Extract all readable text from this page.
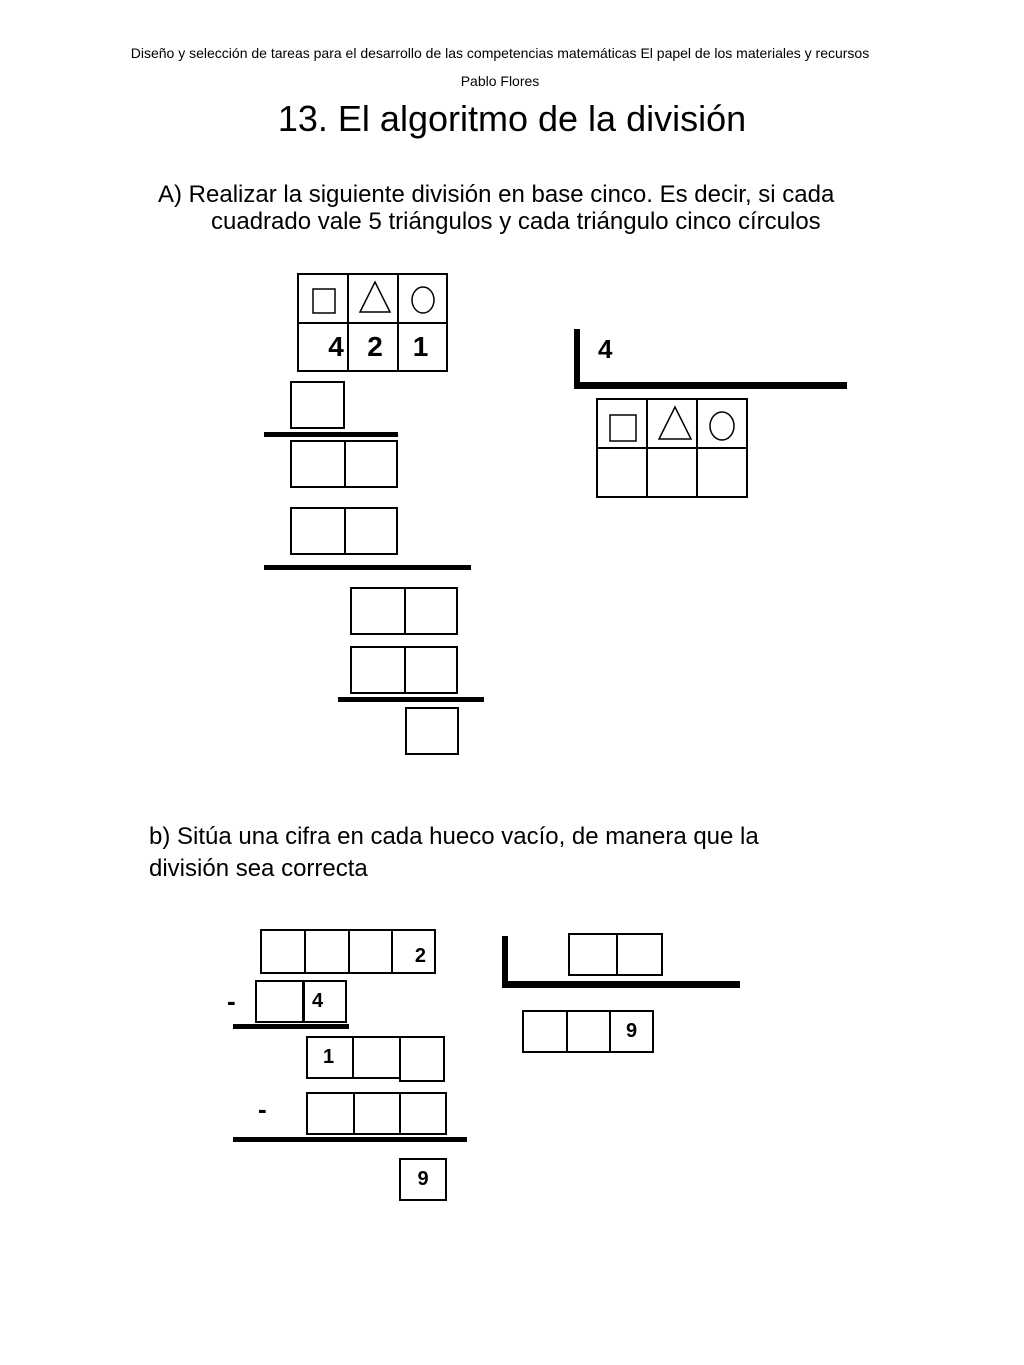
Diseño y selección de tareas para el desarrollo de las competencias matemáticas El papel de los materiales y recursos
Pablo Flores
13. El algoritmo de la división
A) Realizar la siguiente división en base cinco. Es decir, si cada
cuadrado vale 5 triángulos y cada triángulo cinco círculos
4 2 1	4
b) Sitúa una cifra en cada hueco vacío, de manera que la
división sea correcta
2
-	4
1
-
9
9
